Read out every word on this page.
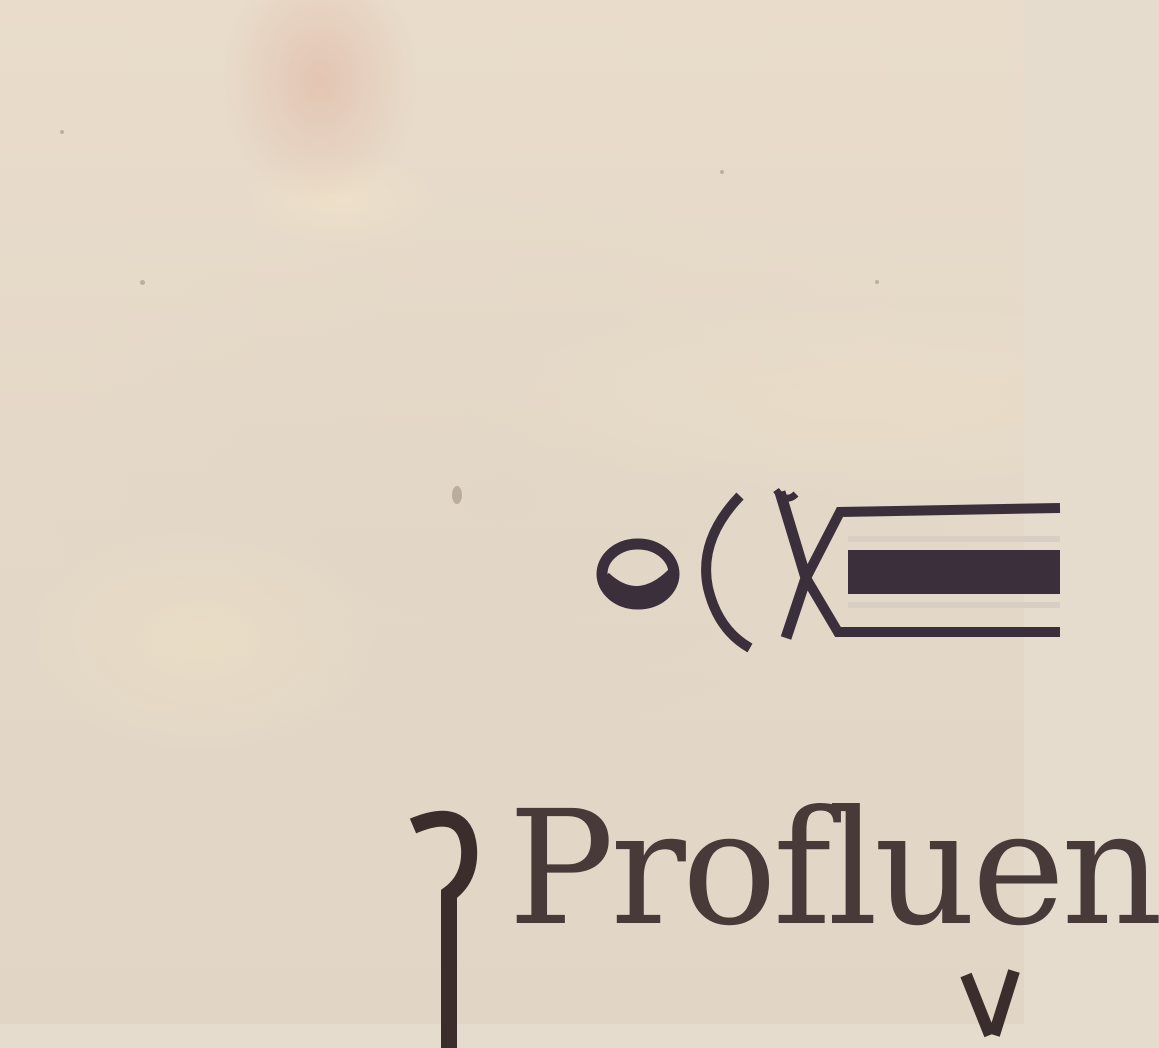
Profluen
